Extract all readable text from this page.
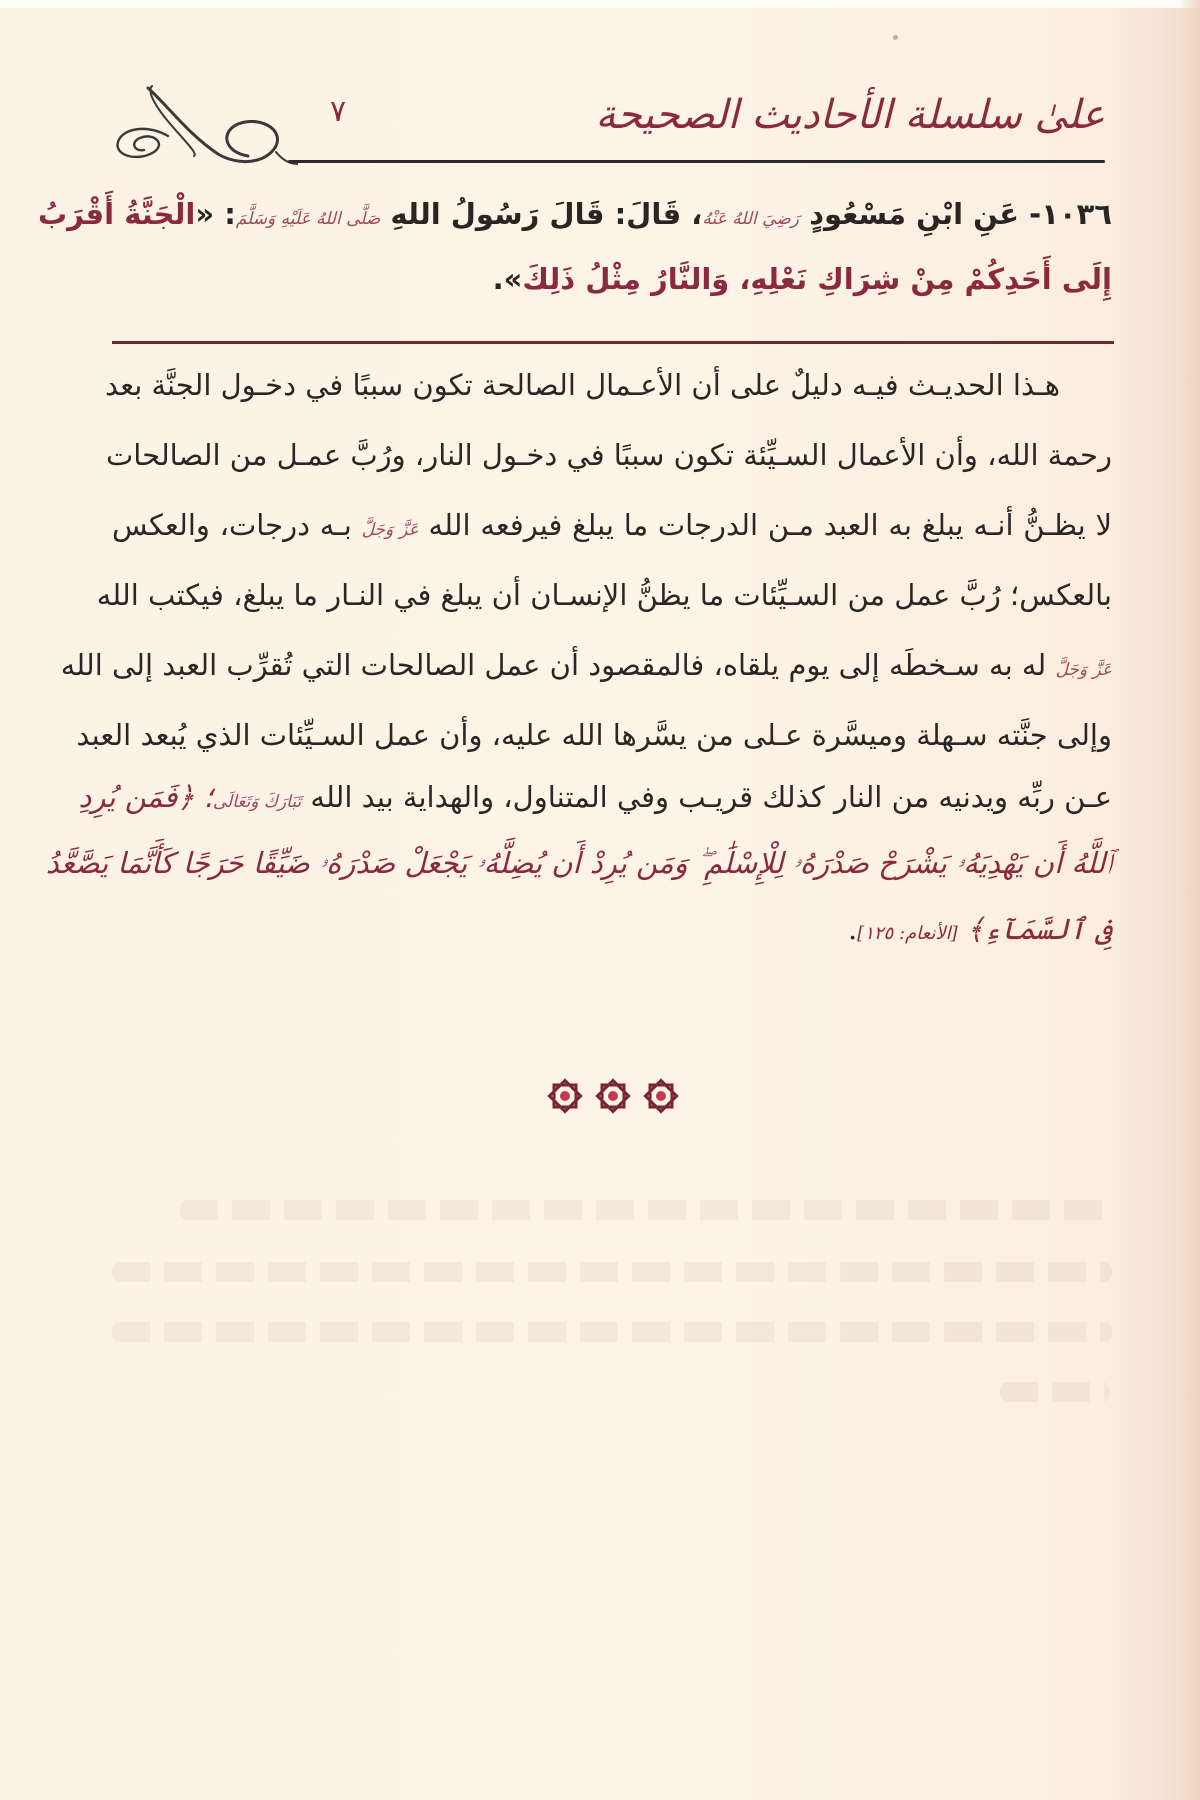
٧	علىٰ سلسلة الأحاديث الصحيحة
١٠٣٦- عَنِ ابْنِ مَسْعُودٍ رَضِيَ اللهُ عَنْهُ، قَالَ: قَالَ رَسُولُ اللهِ صَلَّى اللهُ عَلَيْهِ وَسَلَّمَ: «الْجَنَّةُ أَقْرَبُ
إِلَى أَحَدِكُمْ مِنْ شِرَاكِ نَعْلِهِ، وَالنَّارُ مِثْلُ ذَلِكَ».
هـذا الحديـث فيـه دليلٌ على أن الأعـمال الصالحة تكون سببًا في دخـول الجنَّة بعد
رحمة الله، وأن الأعمال السـيِّئة تكون سببًا في دخـول النار، ورُبَّ عمـل من الصالحات
لا يظـنُّ أنـه يبلغ به العبد مـن الدرجات ما يبلغ فيرفعه الله عَزَّ وَجَلَّ بـه درجات، والعكس
بالعكس؛ رُبَّ عمل من السـيِّئات ما يظنُّ الإنسـان أن يبلغ في النـار ما يبلغ، فيكتب الله
عَزَّ وَجَلَّ له به سـخطَه إلى يوم يلقاه، فالمقصود أن عمل الصالحات التي تُقرِّب العبد إلى الله
وإلى جنَّته سـهلة وميسَّرة عـلى من يسَّرها الله عليه، وأن عمل السـيِّئات الذي يُبعد العبد
عـن ربِّه ويدنيه من النار كذلك قريـب وفي المتناول، والهداية بيد الله تَبَارَكَ وَتَعَالَى؛ ﴿فَمَن يُرِدِ
ٱللَّهُ أَن يَهْدِيَهُۥ يَشْرَحْ صَدْرَهُۥ لِلْإِسْلَٰمِ ۖ وَمَن يُرِدْ أَن يُضِلَّهُۥ يَجْعَلْ صَدْرَهُۥ ضَيِّقًا حَرَجًا كَأَنَّمَا يَصَّعَّدُ
فِى ٱلسَّمَآءِ﴾ [الأنعام: ١٢٥].
